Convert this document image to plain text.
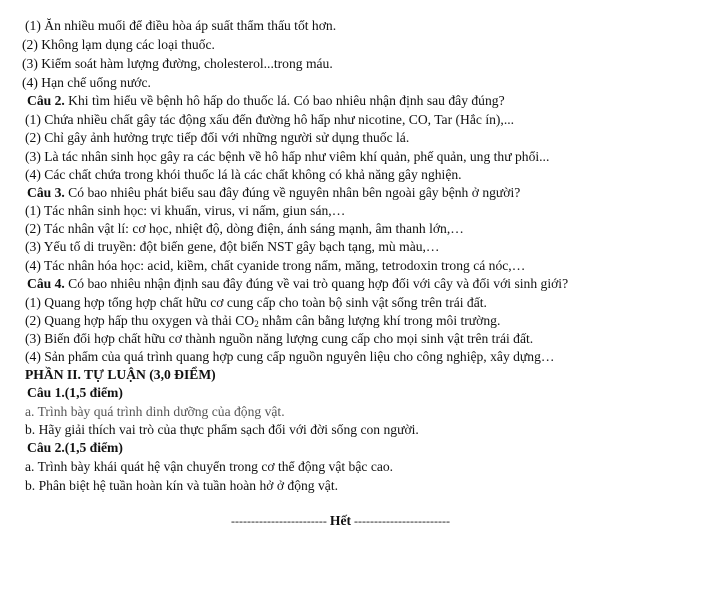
(1) Ăn nhiều muối để điều hòa áp suất thẩm thấu tốt hơn.
(2) Không lạm dụng các loại thuốc.
(3) Kiểm soát hàm lượng đường, cholesterol...trong máu.
(4) Hạn chế uống nước.
Câu 2. Khi tìm hiểu về bệnh hô hấp do thuốc lá. Có bao nhiêu nhận định sau đây đúng?
(1) Chứa nhiều chất gây tác động xấu đến đường hô hấp như nicotine, CO, Tar (Hắc ín),...
(2) Chỉ gây ảnh hưởng trực tiếp đối với những người sử dụng thuốc lá.
(3) Là tác nhân sinh học gây ra các bệnh về hô hấp như viêm khí quản, phế quản, ung thư phổi...
(4) Các chất chứa trong khói thuốc lá là các chất không có khả năng gây nghiện.
Câu 3. Có bao nhiêu phát biểu sau đây đúng về nguyên nhân bên ngoài gây bệnh ở người?
(1) Tác nhân sinh học: vi khuẩn, virus, vi nấm, giun sán,…
(2) Tác nhân vật lí: cơ học, nhiệt độ, dòng điện, ánh sáng mạnh, âm thanh lớn,…
(3) Yếu tố di truyền: đột biến gene, đột biến NST gây bạch tạng, mù màu,…
(4) Tác nhân hóa học: acid, kiềm, chất cyanide trong nấm, măng, tetrodoxin trong cá nóc,…
Câu 4. Có bao nhiêu nhận định sau đây đúng về vai trò quang hợp đối với cây và đối với sinh giới?
(1) Quang hợp tổng hợp chất hữu cơ cung cấp cho toàn bộ sinh vật sống trên trái đất.
(2) Quang hợp hấp thu oxygen và thải $CO_2$ nhằm cân bằng lượng khí trong môi trường.
(3) Biến đổi hợp chất hữu cơ thành nguồn năng lượng cung cấp cho mọi sinh vật trên trái đất.
(4) Sản phẩm của quá trình quang hợp cung cấp nguồn nguyên liệu cho công nghiệp, xây dựng…
PHẦN II. TỰ LUẬN (3,0 ĐIỂM)
Câu 1.(1,5 điểm)
a. Trình bày quá trình dinh dưỡng của động vật.
b. Hãy giải thích vai trò của thực phẩm sạch đối với đời sống con người.
Câu 2.(1,5 điểm)
a. Trình bày khái quát hệ vận chuyển trong cơ thể động vật bậc cao.
b. Phân biệt hệ tuần hoàn kín và tuần hoàn hở ở động vật.
------------------------ Hết ------------------------
